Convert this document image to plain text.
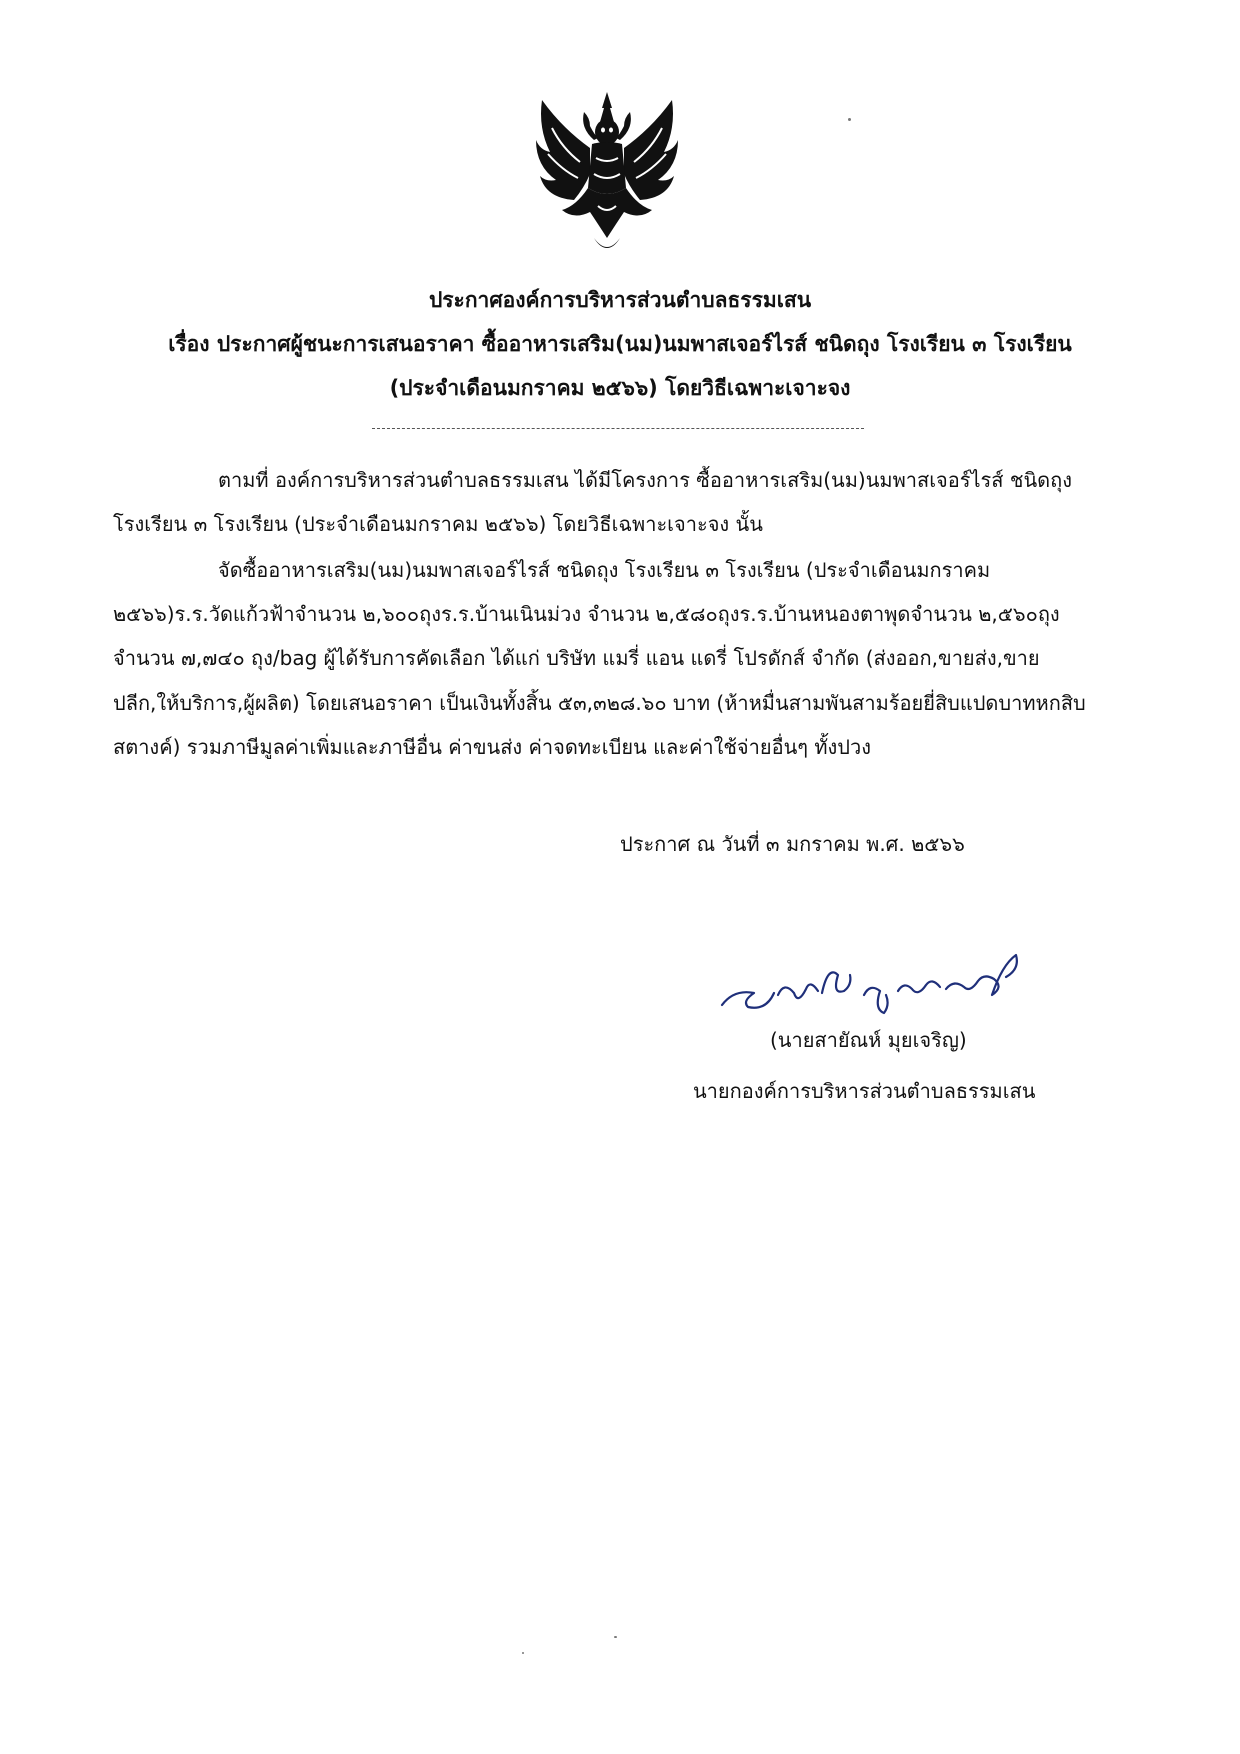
ประกาศองค์การบริหารส่วนตำบลธรรมเสน
เรื่อง ประกาศผู้ชนะการเสนอราคา ซื้ออาหารเสริม(นม)นมพาสเจอร์ไรส์ ชนิดถุง โรงเรียน ๓ โรงเรียน
(ประจำเดือนมกราคม ๒๕๖๖) โดยวิธีเฉพาะเจาะจง
ตามที่ องค์การบริหารส่วนตำบลธรรมเสน ได้มีโครงการ ซื้ออาหารเสริม(นม)นมพาสเจอร์ไรส์ ชนิดถุง
โรงเรียน ๓ โรงเรียน (ประจำเดือนมกราคม ๒๕๖๖) โดยวิธีเฉพาะเจาะจง นั้น
จัดซื้ออาหารเสริม(นม)นมพาสเจอร์ไรส์ ชนิดถุง โรงเรียน ๓ โรงเรียน (ประจำเดือนมกราคม
๒๕๖๖)ร.ร.วัดแก้วฟ้าจำนวน ๒,๖๐๐ถุงร.ร.บ้านเนินม่วง จำนวน ๒,๕๘๐ถุงร.ร.บ้านหนองตาพุดจำนวน ๒,๕๖๐ถุง
จำนวน ๗,๗๔๐ ถุง/bag ผู้ได้รับการคัดเลือก ได้แก่ บริษัท แมรี่ แอน แดรี่ โปรดักส์ จำกัด (ส่งออก,ขายส่ง,ขาย
ปลีก,ให้บริการ,ผู้ผลิต) โดยเสนอราคา เป็นเงินทั้งสิ้น ๕๓,๓๒๘.๖๐ บาท (ห้าหมื่นสามพันสามร้อยยี่สิบแปดบาทหกสิบ
สตางค์) รวมภาษีมูลค่าเพิ่มและภาษีอื่น ค่าขนส่ง ค่าจดทะเบียน และค่าใช้จ่ายอื่นๆ ทั้งปวง
ประกาศ ณ วันที่ ๓ มกราคม พ.ศ. ๒๕๖๖
(นายสายัณห์ มุยเจริญ)
นายกองค์การบริหารส่วนตำบลธรรมเสน
